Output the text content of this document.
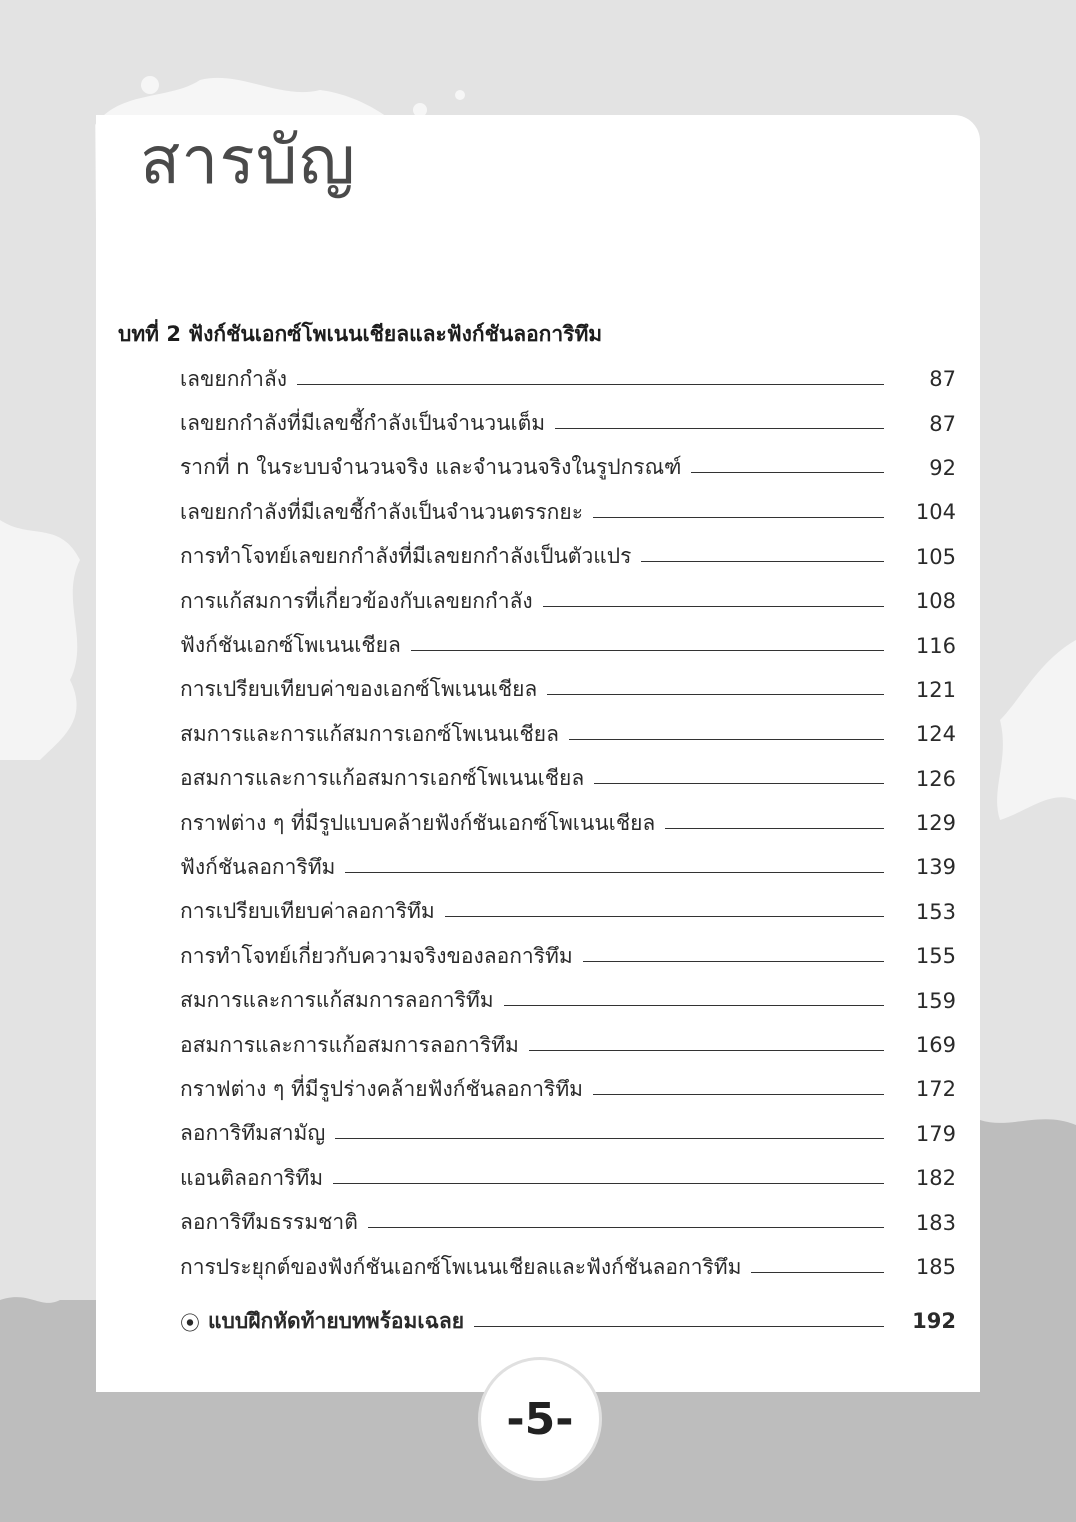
สารบัญ
บทที่ 2 ฟังก์ชันเอกซ์โพเนนเชียลและฟังก์ชันลอการิทึม
เลขยกกำลัง	87
เลขยกกำลังที่มีเลขชี้กำลังเป็นจำนวนเต็ม	87
รากที่ n ในระบบจำนวนจริง และจำนวนจริงในรูปกรณฑ์	92
เลขยกกำลังที่มีเลขชี้กำลังเป็นจำนวนตรรกยะ	104
การทำโจทย์เลขยกกำลังที่มีเลขยกกำลังเป็นตัวแปร	105
การแก้สมการที่เกี่ยวข้องกับเลขยกกำลัง	108
ฟังก์ชันเอกซ์โพเนนเชียล	116
การเปรียบเทียบค่าของเอกซ์โพเนนเชียล	121
สมการและการแก้สมการเอกซ์โพเนนเชียล	124
อสมการและการแก้อสมการเอกซ์โพเนนเชียล	126
กราฟต่าง ๆ ที่มีรูปแบบคล้ายฟังก์ชันเอกซ์โพเนนเชียล	129
ฟังก์ชันลอการิทึม	139
การเปรียบเทียบค่าลอการิทึม	153
การทำโจทย์เกี่ยวกับความจริงของลอการิทึม	155
สมการและการแก้สมการลอการิทึม	159
อสมการและการแก้อสมการลอการิทึม	169
กราฟต่าง ๆ ที่มีรูปร่างคล้ายฟังก์ชันลอการิทึม	172
ลอการิทึมสามัญ	179
แอนติลอการิทึม	182
ลอการิทึมธรรมชาติ	183
การประยุกต์ของฟังก์ชันเอกซ์โพเนนเชียลและฟังก์ชันลอการิทึม	185
⦿ แบบฝึกหัดท้ายบทพร้อมเฉลย	192
-5-
